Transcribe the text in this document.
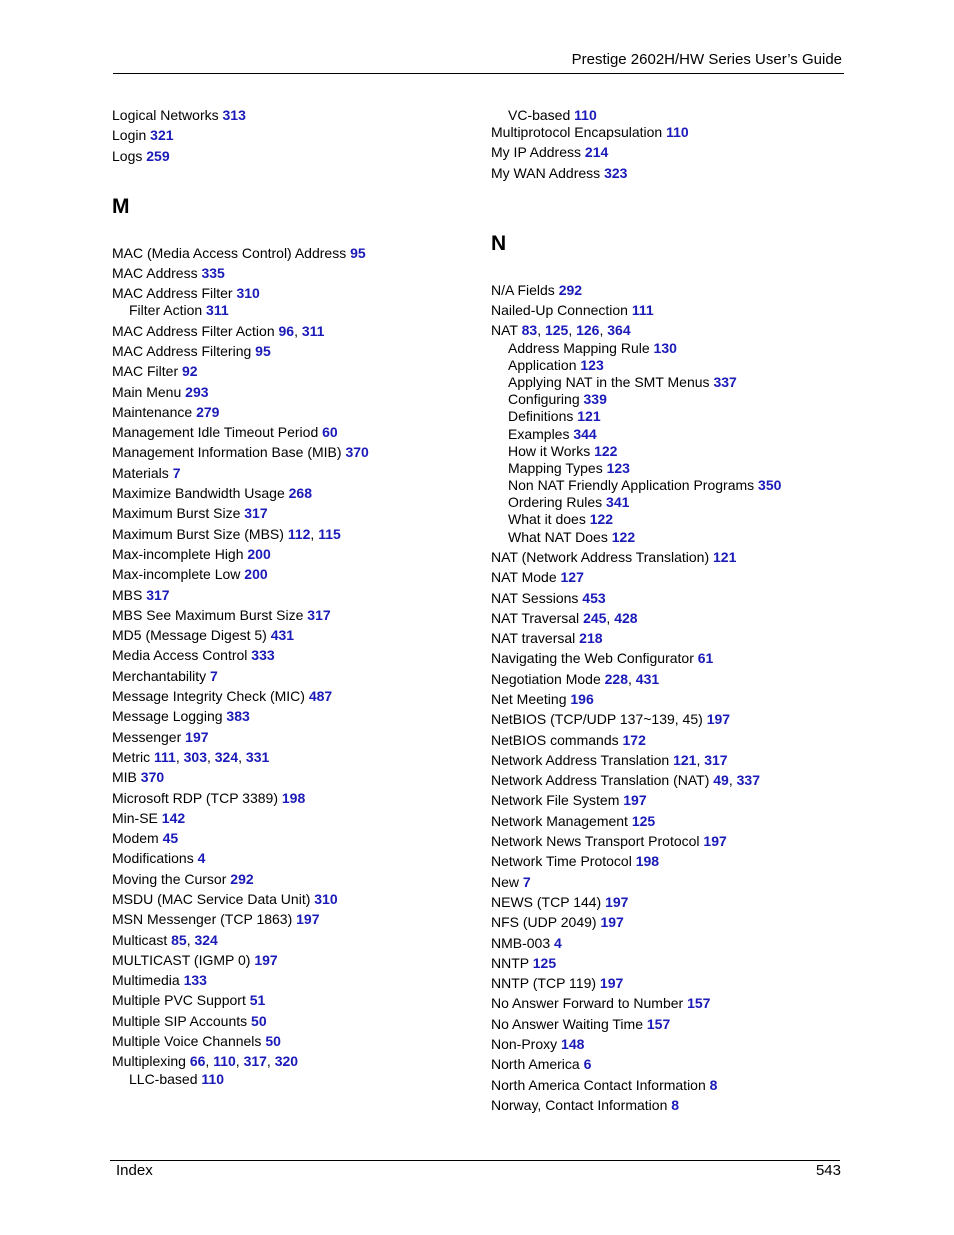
Prestige 2602H/HW Series User’s Guide
Logical Networks 313
Login 321
Logs 259
M
MAC (Media Access Control) Address 95
MAC Address 335
MAC Address Filter 310
Filter Action 311
MAC Address Filter Action 96, 311
MAC Address Filtering 95
MAC Filter 92
Main Menu 293
Maintenance 279
Management Idle Timeout Period 60
Management Information Base (MIB) 370
Materials 7
Maximize Bandwidth Usage 268
Maximum Burst Size 317
Maximum Burst Size (MBS) 112, 115
Max-incomplete High 200
Max-incomplete Low 200
MBS 317
MBS See Maximum Burst Size 317
MD5 (Message Digest 5) 431
Media Access Control 333
Merchantability 7
Message Integrity Check (MIC) 487
Message Logging 383
Messenger 197
Metric 111, 303, 324, 331
MIB 370
Microsoft RDP (TCP 3389) 198
Min-SE 142
Modem 45
Modifications 4
Moving the Cursor 292
MSDU (MAC Service Data Unit) 310
MSN Messenger (TCP 1863) 197
Multicast 85, 324
MULTICAST (IGMP 0) 197
Multimedia 133
Multiple PVC Support 51
Multiple SIP Accounts 50
Multiple Voice Channels 50
Multiplexing 66, 110, 317, 320
LLC-based 110
VC-based 110
Multiprotocol Encapsulation 110
My IP Address 214
My WAN Address 323
N
N/A Fields 292
Nailed-Up Connection 111
NAT 83, 125, 126, 364
Address Mapping Rule 130
Application 123
Applying NAT in the SMT Menus 337
Configuring 339
Definitions 121
Examples 344
How it Works 122
Mapping Types 123
Non NAT Friendly Application Programs 350
Ordering Rules 341
What it does 122
What NAT Does 122
NAT (Network Address Translation) 121
NAT Mode 127
NAT Sessions 453
NAT Traversal 245, 428
NAT traversal 218
Navigating the Web Configurator 61
Negotiation Mode 228, 431
Net Meeting 196
NetBIOS (TCP/UDP 137~139, 45) 197
NetBIOS commands 172
Network Address Translation 121, 317
Network Address Translation (NAT) 49, 337
Network File System 197
Network Management 125
Network News Transport Protocol 197
Network Time Protocol 198
New 7
NEWS (TCP 144) 197
NFS (UDP 2049) 197
NMB-003 4
NNTP 125
NNTP (TCP 119) 197
No Answer Forward to Number 157
No Answer Waiting Time 157
Non-Proxy 148
North America 6
North America Contact Information 8
Norway, Contact Information 8
Index	543
